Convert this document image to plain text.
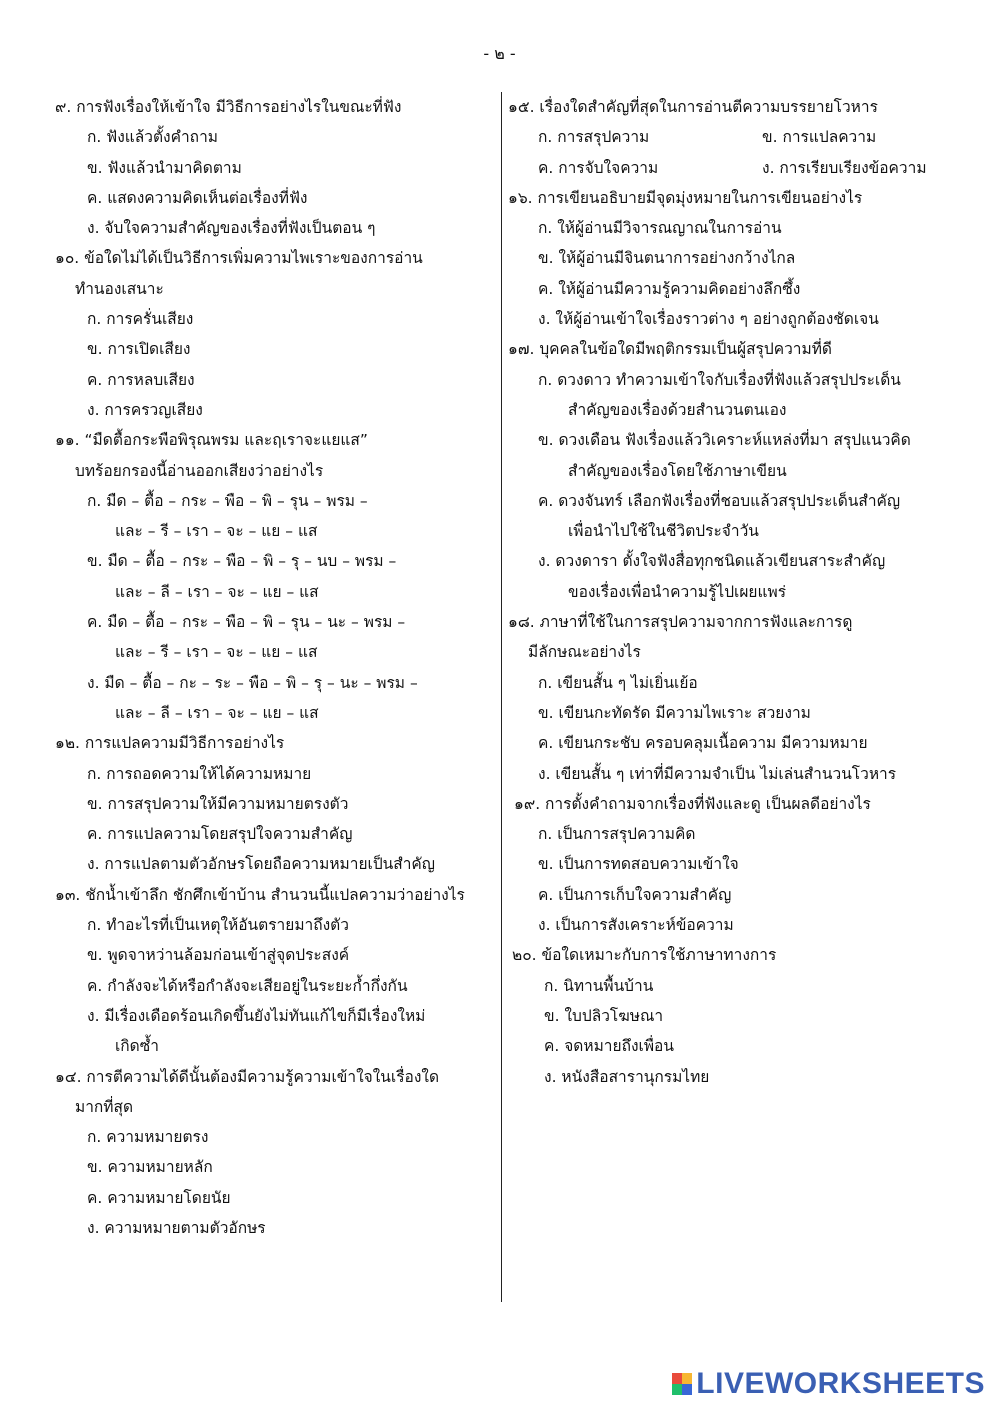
- ๒ -
๙. การฟังเรื่องให้เข้าใจ มีวิธีการอย่างไรในขณะที่ฟัง
ก. ฟังแล้วตั้งคำถาม
ข. ฟังแล้วนำมาคิดตาม
ค. แสดงความคิดเห็นต่อเรื่องที่ฟัง
ง. จับใจความสำคัญของเรื่องที่ฟังเป็นตอน ๆ
๑๐. ข้อใดไม่ได้เป็นวิธีการเพิ่มความไพเราะของการอ่าน
ทำนองเสนาะ
ก. การครั่นเสียง
ข. การเปิดเสียง
ค. การหลบเสียง
ง. การครวญเสียง
๑๑. “มืดตื้อกระพือพิรุณพรม และฤเราจะแยแส”
บทร้อยกรองนี้อ่านออกเสียงว่าอย่างไร
ก. มืด – ตื้อ – กระ – พือ – พิ – รุน – พรม –
และ – รี – เรา – จะ – แย – แส
ข. มืด – ตื้อ – กระ – พือ – พิ – รุ – นบ – พรม –
และ – ลี – เรา – จะ – แย – แส
ค. มืด – ตื้อ – กระ – พือ – พิ – รุน – นะ – พรม –
และ – รี – เรา – จะ – แย – แส
ง. มืด – ตื้อ – กะ – ระ – พือ – พิ – รุ – นะ – พรม –
และ – ลี – เรา – จะ – แย – แส
๑๒. การแปลความมีวิธีการอย่างไร
ก. การถอดความให้ได้ความหมาย
ข. การสรุปความให้มีความหมายตรงตัว
ค. การแปลความโดยสรุปใจความสำคัญ
ง. การแปลตามตัวอักษรโดยถือความหมายเป็นสำคัญ
๑๓. ชักน้ำเข้าลึก ชักศึกเข้าบ้าน สำนวนนี้แปลความว่าอย่างไร
ก. ทำอะไรที่เป็นเหตุให้อันตรายมาถึงตัว
ข. พูดจาหว่านล้อมก่อนเข้าสู่จุดประสงค์
ค. กำลังจะได้หรือกำลังจะเสียอยู่ในระยะก้ำกึ่งกัน
ง. มีเรื่องเดือดร้อนเกิดขึ้นยังไม่ทันแก้ไขก็มีเรื่องใหม่
เกิดซ้ำ
๑๔. การตีความได้ดีนั้นต้องมีความรู้ความเข้าใจในเรื่องใด
มากที่สุด
ก. ความหมายตรง
ข. ความหมายหลัก
ค. ความหมายโดยนัย
ง. ความหมายตามตัวอักษร
๑๕. เรื่องใดสำคัญที่สุดในการอ่านตีความบรรยายโวหาร
ก. การสรุปความ	ข. การแปลความ
ค. การจับใจความ	ง. การเรียบเรียงข้อความ
๑๖. การเขียนอธิบายมีจุดมุ่งหมายในการเขียนอย่างไร
ก. ให้ผู้อ่านมีวิจารณญาณในการอ่าน
ข. ให้ผู้อ่านมีจินตนาการอย่างกว้างไกล
ค. ให้ผู้อ่านมีความรู้ความคิดอย่างลึกซึ้ง
ง. ให้ผู้อ่านเข้าใจเรื่องราวต่าง ๆ อย่างถูกต้องชัดเจน
๑๗. บุคคลในข้อใดมีพฤติกรรมเป็นผู้สรุปความที่ดี
ก. ดวงดาว ทำความเข้าใจกับเรื่องที่ฟังแล้วสรุปประเด็น
สำคัญของเรื่องด้วยสำนวนตนเอง
ข. ดวงเดือน ฟังเรื่องแล้ววิเคราะห์แหล่งที่มา สรุปแนวคิด
สำคัญของเรื่องโดยใช้ภาษาเขียน
ค. ดวงจันทร์ เลือกฟังเรื่องที่ชอบแล้วสรุปประเด็นสำคัญ
เพื่อนำไปใช้ในชีวิตประจำวัน
ง. ดวงดารา ตั้งใจฟังสื่อทุกชนิดแล้วเขียนสาระสำคัญ
ของเรื่องเพื่อนำความรู้ไปเผยแพร่
๑๘. ภาษาที่ใช้ในการสรุปความจากการฟังและการดู
มีลักษณะอย่างไร
ก. เขียนสั้น ๆ ไม่เยิ่นเย้อ
ข. เขียนกะทัดรัด มีความไพเราะ สวยงาม
ค. เขียนกระชับ ครอบคลุมเนื้อความ มีความหมาย
ง. เขียนสั้น ๆ เท่าที่มีความจำเป็น ไม่เล่นสำนวนโวหาร
๑๙. การตั้งคำถามจากเรื่องที่ฟังและดู เป็นผลดีอย่างไร
ก. เป็นการสรุปความคิด
ข. เป็นการทดสอบความเข้าใจ
ค. เป็นการเก็บใจความสำคัญ
ง. เป็นการสังเคราะห์ข้อความ
๒๐. ข้อใดเหมาะกับการใช้ภาษาทางการ
ก. นิทานพื้นบ้าน
ข. ใบปลิวโฆษณา
ค. จดหมายถึงเพื่อน
ง. หนังสือสารานุกรมไทย
LIVEWORKSHEETS
